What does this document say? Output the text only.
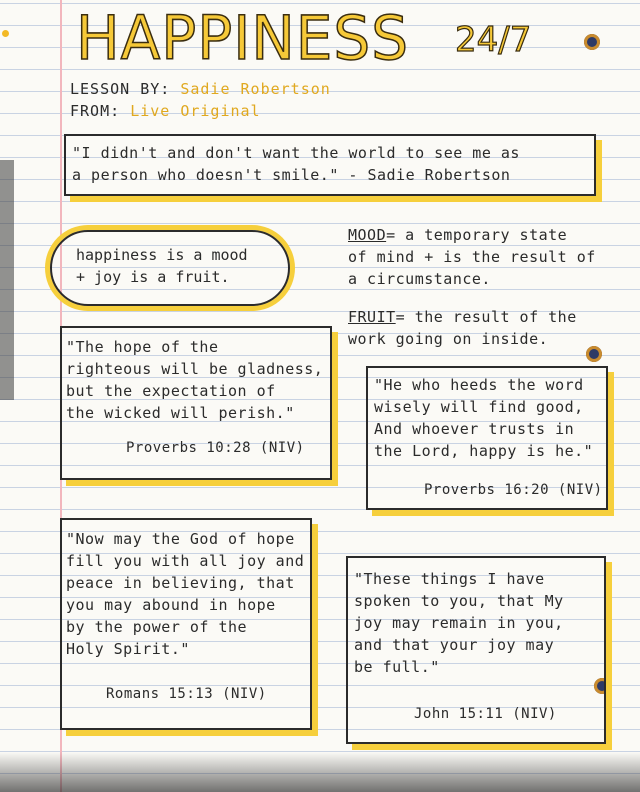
HAPPINESS 24/7
LESSON BY: Sadie Robertson
FROM: Live Original

"I didn't and don't want the world to see me as

a person who doesn't smile." - Sadie Robertson

happiness is a mood
+ joy is a fruit.
MOOD= a temporary state
of mind + is the result of
a circumstance.
FRUIT= the result of the
work going on inside.

"The hope of the

righteous will be gladness,

but the expectation of

the wicked will perish."

Proverbs 10:28 (NIV)

"He who heeds the word

wisely will find good,

And whoever trusts in

the Lord, happy is he."

Proverbs 16:20 (NIV)

"Now may the God of hope

fill you with all joy and

peace in believing, that

you may abound in hope

by the power of the

Holy Spirit."

Romans 15:13 (NIV)

"These things I have

spoken to you, that My

joy may remain in you,

and that your joy may

be full."

John 15:11 (NIV)
